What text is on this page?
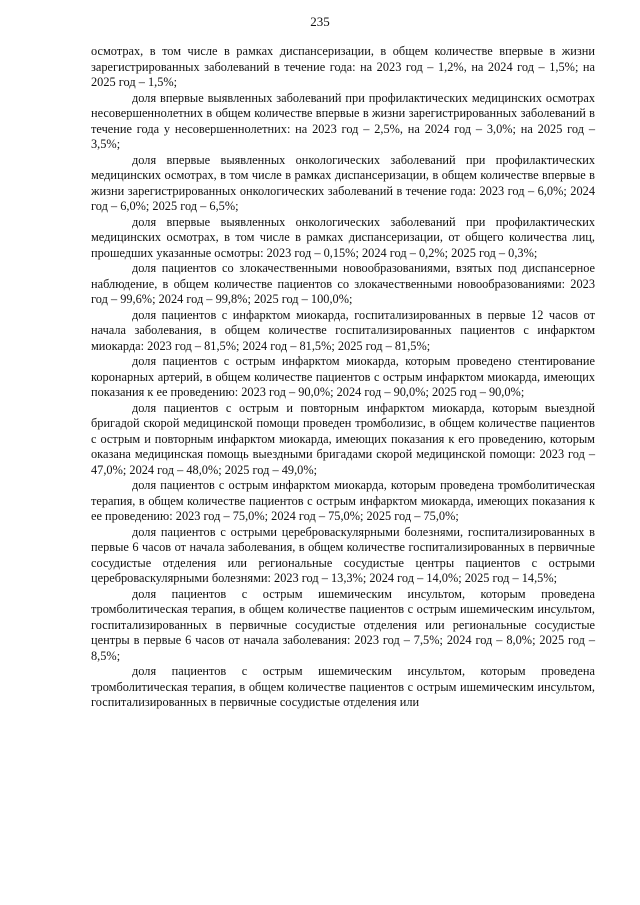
235

осмотрах, в том числе в рамках диспансеризации, в общем количестве впервые в жизни зарегистрированных заболеваний в течение года: на 2023 год – 1,2%, на 2024 год – 1,5%; на 2025 год – 1,5%;

доля впервые выявленных заболеваний при профилактических медицинских осмотрах несовершеннолетних в общем количестве впервые в жизни зарегистрированных заболеваний в течение года у несовершеннолетних: на 2023 год – 2,5%, на 2024 год – 3,0%; на 2025 год – 3,5%;

доля впервые выявленных онкологических заболеваний при профилактических медицинских осмотрах, в том числе в рамках диспансеризации, в общем количестве впервые в жизни зарегистрированных онкологических заболеваний в течение года: 2023 год – 6,0%; 2024 год – 6,0%; 2025 год – 6,5%;

доля впервые выявленных онкологических заболеваний при профилактических медицинских осмотрах, в том числе в рамках диспансеризации, от общего количества лиц, прошедших указанные осмотры: 2023 год – 0,15%; 2024 год – 0,2%; 2025 год – 0,3%;

доля пациентов со злокачественными новообразованиями, взятых под диспансерное наблюдение, в общем количестве пациентов со злокачественными новообразованиями: 2023 год – 99,6%; 2024 год – 99,8%; 2025 год – 100,0%;

доля пациентов с инфарктом миокарда, госпитализированных в первые 12 часов от начала заболевания, в общем количестве госпитализированных пациентов с инфарктом миокарда: 2023 год – 81,5%; 2024 год – 81,5%; 2025 год – 81,5%;

доля пациентов с острым инфарктом миокарда, которым проведено стентирование коронарных артерий, в общем количестве пациентов с острым инфарктом миокарда, имеющих показания к ее проведению: 2023 год – 90,0%; 2024 год – 90,0%; 2025 год – 90,0%;

доля пациентов с острым и повторным инфарктом миокарда, которым выездной бригадой скорой медицинской помощи проведен тромболизис, в общем количестве пациентов с острым и повторным инфарктом миокарда, имеющих показания к его проведению, которым оказана медицинская помощь выездными бригадами скорой медицинской помощи: 2023 год – 47,0%; 2024 год – 48,0%; 2025 год – 49,0%;

доля пациентов с острым инфарктом миокарда, которым проведена тромболитическая терапия, в общем количестве пациентов с острым инфарктом миокарда, имеющих показания к ее проведению: 2023 год – 75,0%; 2024 год – 75,0%; 2025 год – 75,0%;

доля пациентов с острыми цереброваскулярными болезнями, госпитализированных в первые 6 часов от начала заболевания, в общем количестве госпитализированных в первичные сосудистые отделения или региональные сосудистые центры пациентов с острыми цереброваскулярными болезнями: 2023 год – 13,3%; 2024 год – 14,0%; 2025 год – 14,5%;

доля пациентов с острым ишемическим инсультом, которым проведена тромболитическая терапия, в общем количестве пациентов с острым ишемическим инсультом, госпитализированных в первичные сосудистые отделения или региональные сосудистые центры в первые 6 часов от начала заболевания: 2023 год – 7,5%; 2024 год – 8,0%; 2025 год – 8,5%;

доля пациентов с острым ишемическим инсультом, которым проведена тромболитическая терапия, в общем количестве пациентов с острым ишемическим инсультом, госпитализированных в первичные сосудистые отделения или
